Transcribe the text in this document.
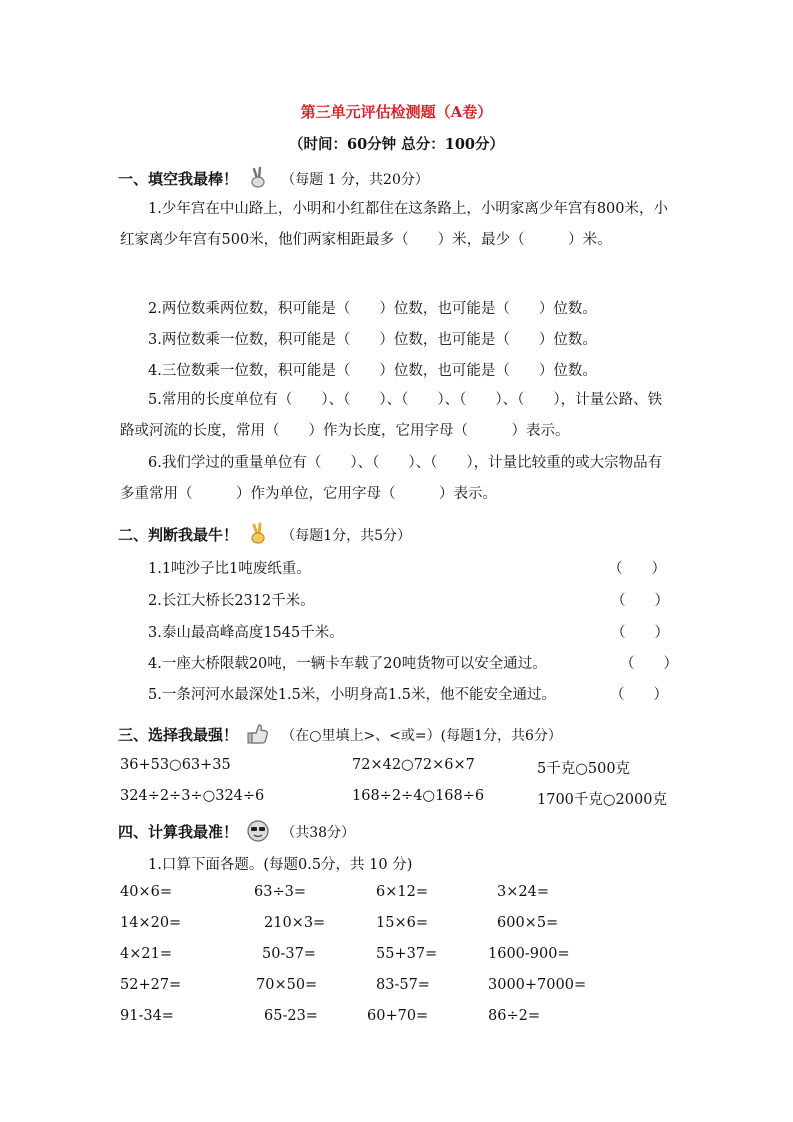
第三单元评估检测题（A卷）
（时间：60分钟 总分：100分）
一、填空我最棒！	（每题 1 分，共20分）
1.少年宫在中山路上，小明和小红都住在这条路上，小明家离少年宫有800米，小红家离少年宫有500米，他们两家相距最多（　　）米，最少（　　　）米。
2.两位数乘两位数，积可能是（　　）位数，也可能是（　　）位数。
3.两位数乘一位数，积可能是（　　）位数，也可能是（　　）位数。
4.三位数乘一位数，积可能是（　　）位数，也可能是（　　）位数。
5.常用的长度单位有（　　）、（　　）、（　　）、（　　）、（　　），计量公路、铁路或河流的长度，常用（　　）作为长度，它用字母（　　　）表示。
6.我们学过的重量单位有（　　）、（　　）、（　　），计量比较重的或大宗物品有多重常用（　　　）作为单位，它用字母（　　　）表示。
二、判断我最牛！	（每题1分，共5分）
1.1吨沙子比1吨废纸重。	（　　）
2.长江大桥长2312千米。	（　　）
3.泰山最高峰高度1545千米。	（　　）
4.一座大桥限载20吨，一辆卡车载了20吨货物可以安全通过。	（　　）
5.一条河河水最深处1.5米，小明身高1.5米，他不能安全通过。	（　　）
三、选择我最强！	（在○里填上>、<或=）(每题1分，共6分）
36+53○63+35	72×42○72×6×7	5千克○500克
324÷2÷3÷○324÷6	168÷2÷4○168÷6	1700千克○2000克
四、计算我最准！	（共38分）
1.口算下面各题。(每题0.5分，共 10 分)
40×6=	63÷3=	6×12=	3×24=
14×20=	210×3=	15×6=	600×5=
4×21=	50-37=	55+37=	1600-900=
52+27=	70×50=	83-57=	3000+7000=
91-34=	65-23=	60+70=	86÷2=
